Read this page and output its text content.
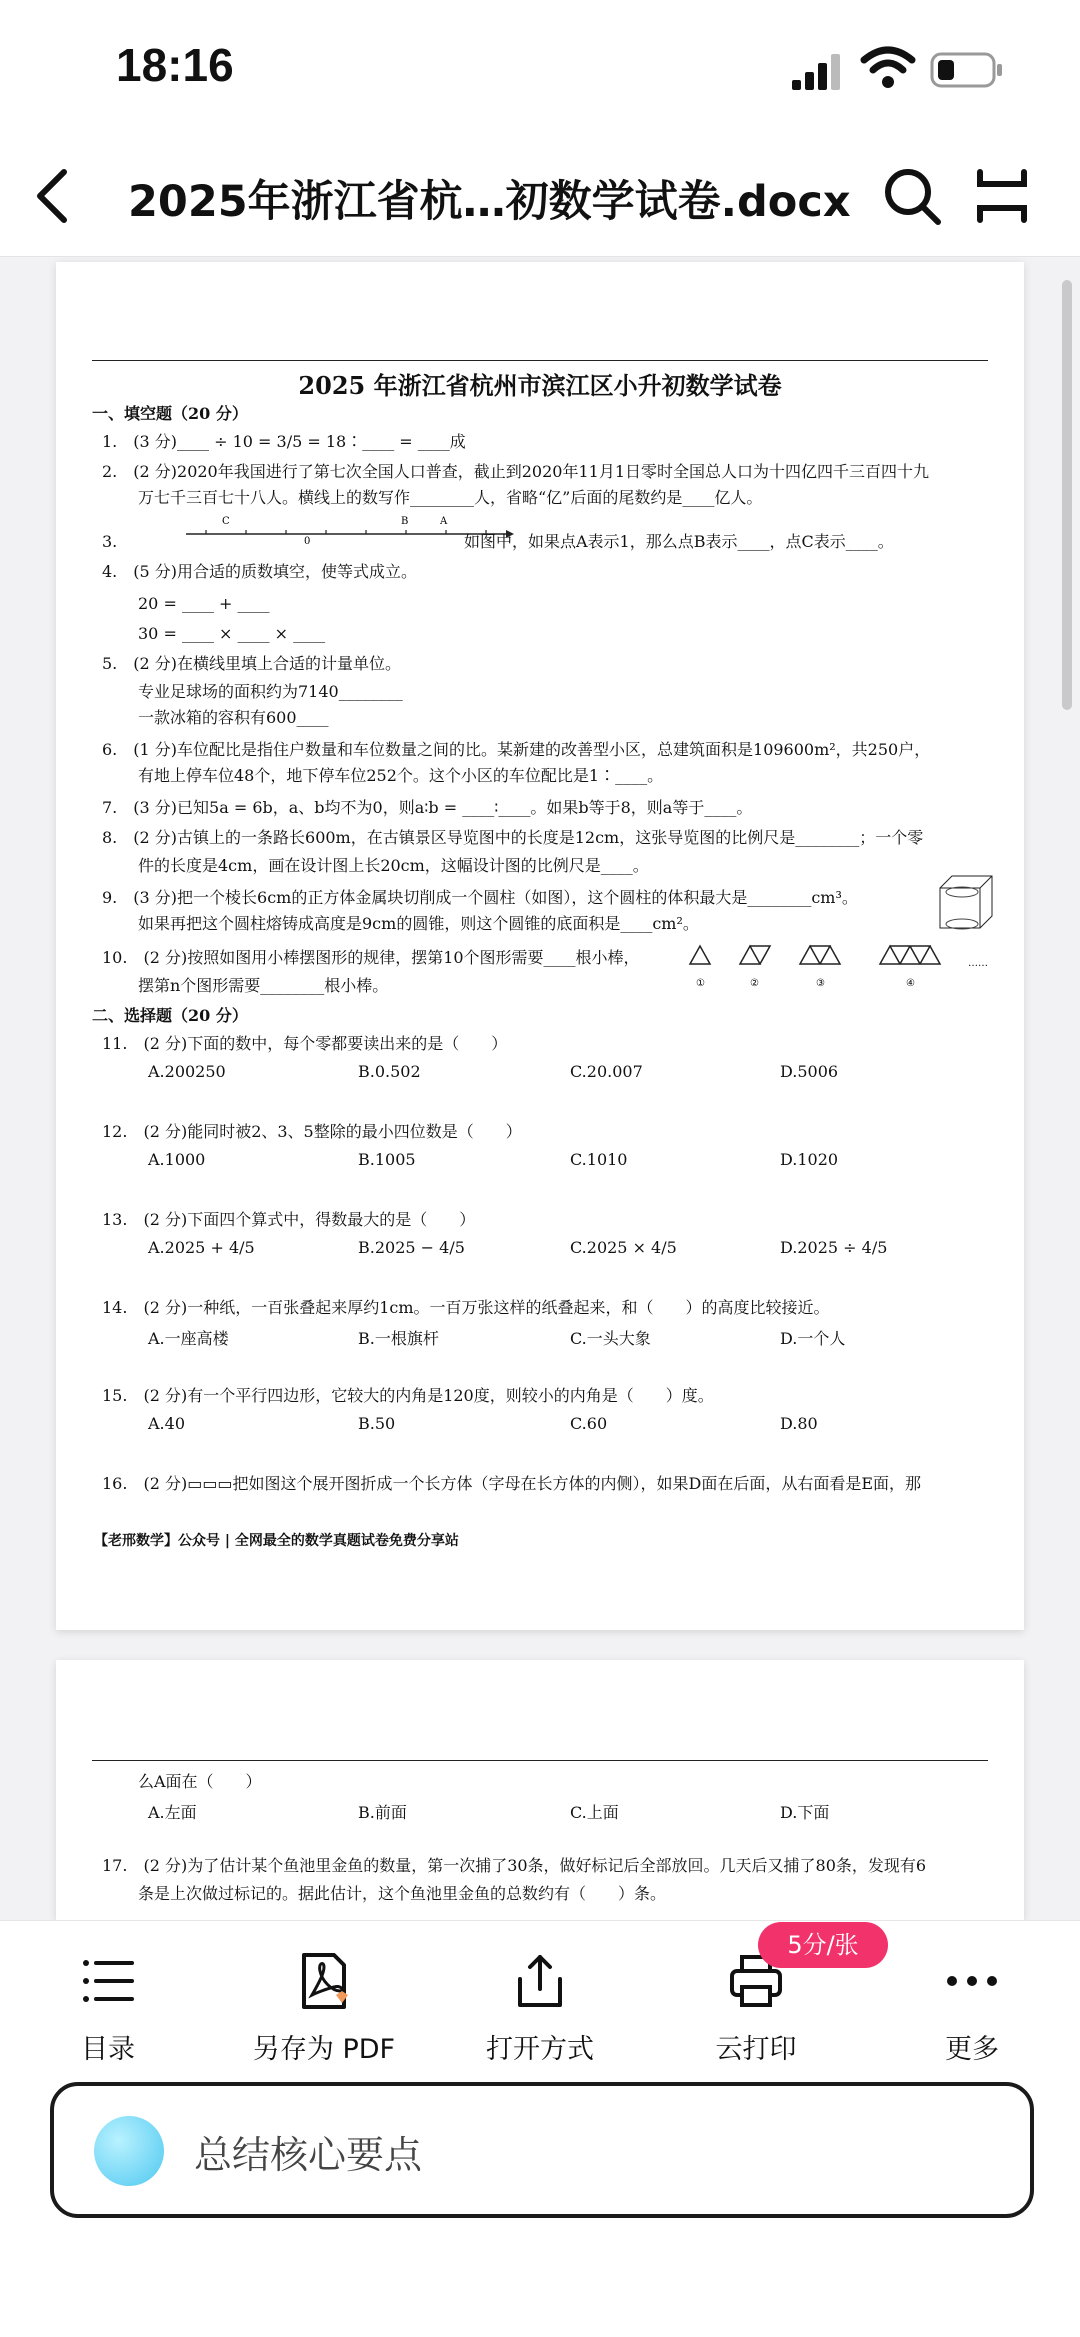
18:16
2025年浙江省杭…初数学试卷.docx
2025 年浙江省杭州市滨江区小升初数学试卷
一、填空题（20 分）
1.　(3 分)____ ÷ 10 = 3/5 = 18∶____ = ____成
2.　(2 分)2020年我国进行了第七次全国人口普查，截止到2020年11月1日零时全国总人口为十四亿四千三百四十九
万七千三百七十八人。横线上的数写作________人，省略“亿”后面的尾数约是____亿人。
3.
C	B	A
0	如图中，如果点A表示1，那么点B表示____，点C表示____。
4.　(5 分)用合适的质数填空，使等式成立。
20 = ____ + ____
30 = ____ × ____ × ____
5.　(2 分)在横线里填上合适的计量单位。
专业足球场的面积约为7140________
一款冰箱的容积有600____
6.　(1 分)车位配比是指住户数量和车位数量之间的比。某新建的改善型小区，总建筑面积是109600m²，共250户，
有地上停车位48个，地下停车位252个。这个小区的车位配比是1∶____。
7.　(3 分)已知5a = 6b，a、b均不为0，则a∶b = ____∶____。如果b等于8，则a等于____。
8.　(2 分)古镇上的一条路长600m，在古镇景区导览图中的长度是12cm，这张导览图的比例尺是________；一个零
件的长度是4cm，画在设计图上长20cm，这幅设计图的比例尺是____。
9.　(3 分)把一个棱长6cm的正方体金属块切削成一个圆柱（如图），这个圆柱的体积最大是________cm³。
如果再把这个圆柱熔铸成高度是9cm的圆锥，则这个圆锥的底面积是____cm²。
10.　(2 分)按照如图用小棒摆图形的规律，摆第10个图形需要____根小棒，
摆第n个图形需要________根小棒。	①	②	③	④
……
二、选择题（20 分）
11.　(2 分)下面的数中，每个零都要读出来的是（　　）
A.200250	B.0.502	C.20.007	D.5006
12.　(2 分)能同时被2、3、5整除的最小四位数是（　　）
A.1000	B.1005	C.1010	D.1020
13.　(2 分)下面四个算式中，得数最大的是（　　）
A.2025 + 4/5	B.2025 − 4/5	C.2025 × 4/5	D.2025 ÷ 4/5
14.　(2 分)一种纸，一百张叠起来厚约1cm。一百万张这样的纸叠起来，和（　　）的高度比较接近。
A.一座高楼	B.一根旗杆	C.一头大象	D.一个人
15.　(2 分)有一个平行四边形，它较大的内角是120度，则较小的内角是（　　）度。
A.40	B.50	C.60	D.80
16.　(2 分)▭▭▭把如图这个展开图折成一个长方体（字母在长方体的内侧），如果D面在后面，从右面看是E面，那
【老邢数学】公众号 | 全网最全的数学真题试卷免费分享站
么A面在（　　）
A.左面	B.前面	C.上面	D.下面
17.　(2 分)为了估计某个鱼池里金鱼的数量，第一次捕了30条，做好标记后全部放回。几天后又捕了80条，发现有6
条是上次做过标记的。据此估计，这个鱼池里金鱼的总数约有（　　）条。
目录	另存为 PDF	打开方式	云打印	更多
5分/张
总结核心要点
